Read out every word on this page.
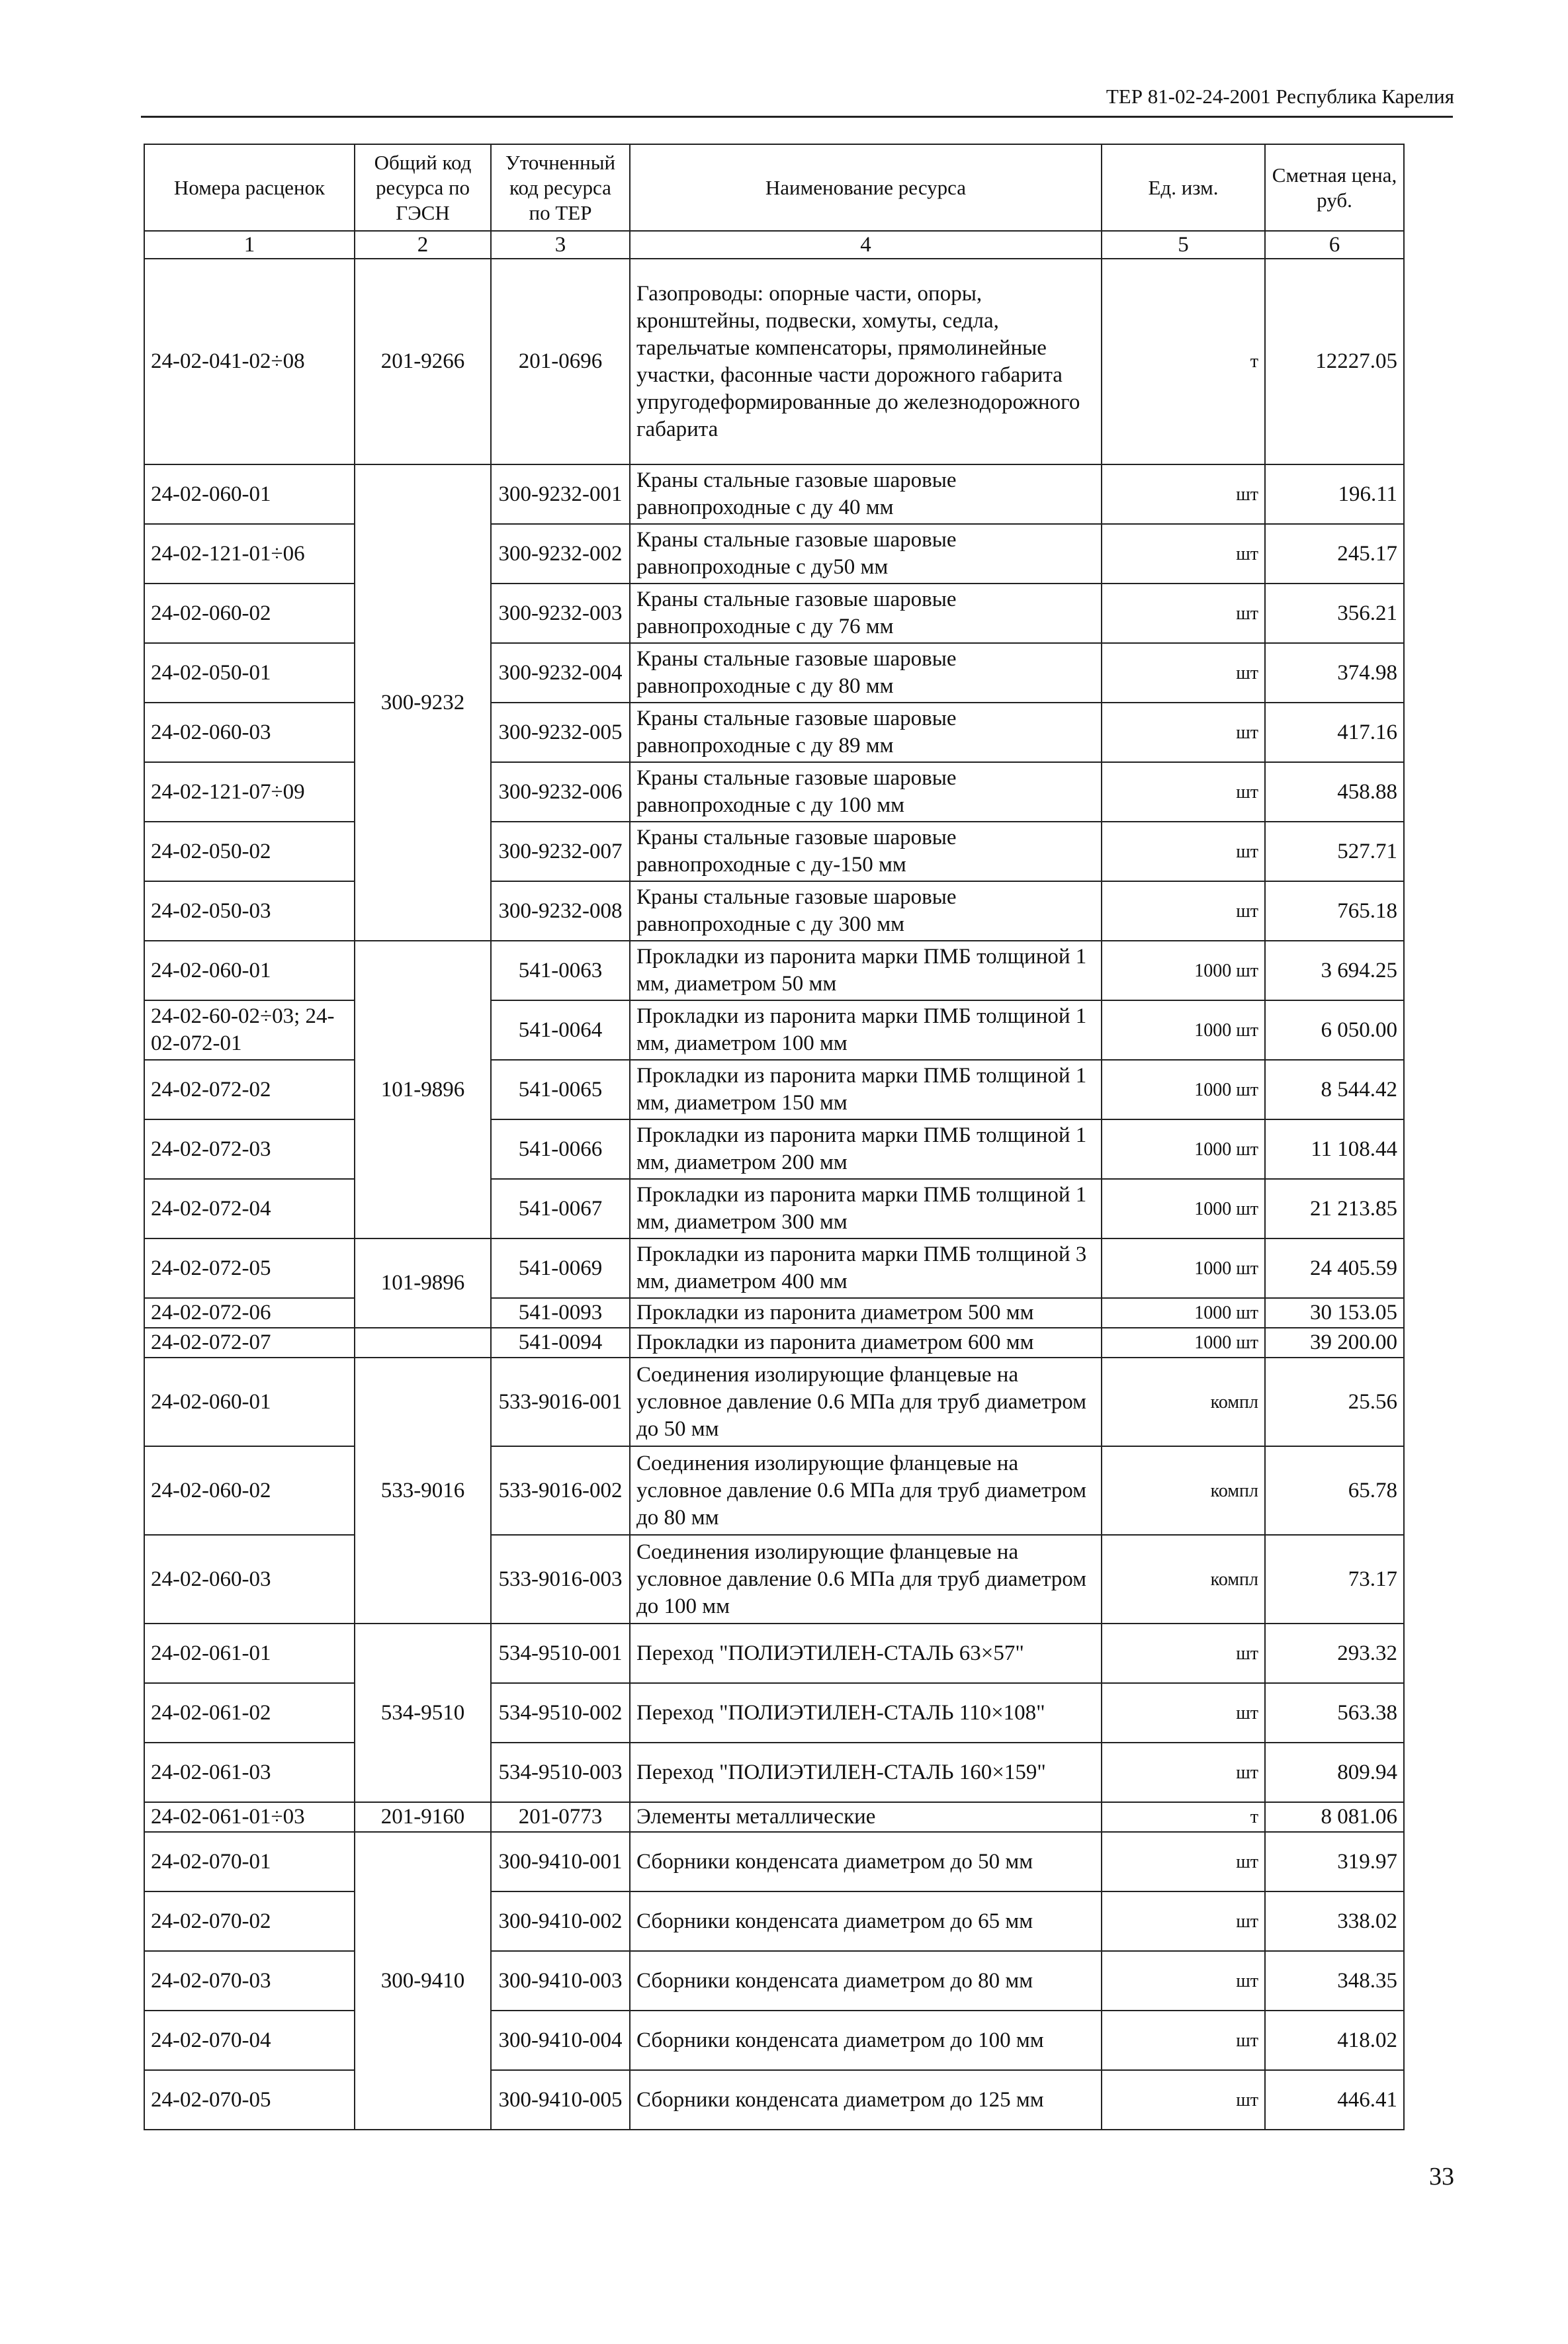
ТЕР 81-02-24-2001 Республика Карелия
Номера расценок	Общий код ресурса по ГЭСН	Уточненный код ресурса по ТЕР	Наименование ресурса	Ед. изм.	Сметная цена, руб.
1	2	3	4	5	6
24-02-041-02÷08	201-9266	201-0696	Газопроводы: опорные части, опоры, кронштейны, подвески, хомуты, седла, тарельчатые компенсаторы, прямолинейные участки, фасонные части дорожного габарита упругодеформированные до железнодорожного габарита	т	12227.05
24-02-060-01	300-9232	300-9232-001	Краны стальные газовые шаровые равнопроходные с ду 40 мм	шт	196.11
24-02-121-01÷06		300-9232-002	Краны стальные газовые шаровые равнопроходные с ду50 мм	шт	245.17
24-02-060-02		300-9232-003	Краны стальные газовые шаровые равнопроходные с ду 76 мм	шт	356.21
24-02-050-01		300-9232-004	Краны стальные газовые шаровые равнопроходные с ду 80 мм	шт	374.98
24-02-060-03		300-9232-005	Краны стальные газовые шаровые равнопроходные с ду 89 мм	шт	417.16
24-02-121-07÷09		300-9232-006	Краны стальные газовые шаровые равнопроходные с ду 100 мм	шт	458.88
24-02-050-02		300-9232-007	Краны стальные газовые шаровые равнопроходные с ду-150 мм	шт	527.71
24-02-050-03		300-9232-008	Краны стальные газовые шаровые равнопроходные с ду 300 мм	шт	765.18
24-02-060-01	101-9896	541-0063	Прокладки из паронита марки ПМБ толщиной 1 мм, диаметром 50 мм	1000 шт	3 694.25
24-02-60-02÷03; 24-02-072-01		541-0064	Прокладки из паронита марки ПМБ толщиной 1 мм, диаметром 100 мм	1000 шт	6 050.00
24-02-072-02		541-0065	Прокладки из паронита марки ПМБ толщиной 1 мм, диаметром 150 мм	1000 шт	8 544.42
24-02-072-03		541-0066	Прокладки из паронита марки ПМБ толщиной 1 мм, диаметром 200 мм	1000 шт	11 108.44
24-02-072-04		541-0067	Прокладки из паронита марки ПМБ толщиной 1 мм, диаметром 300 мм	1000 шт	21 213.85
24-02-072-05	101-9896	541-0069	Прокладки из паронита марки ПМБ толщиной 3 мм, диаметром 400 мм	1000 шт	24 405.59
24-02-072-06		541-0093	Прокладки из паронита диаметром 500 мм	1000 шт	30 153.05
24-02-072-07		541-0094	Прокладки из паронита диаметром 600 мм	1000 шт	39 200.00
24-02-060-01	533-9016	533-9016-001	Соединения изолирующие фланцевые на условное давление 0.6 МПа для труб диаметром до 50 мм	компл	25.56
24-02-060-02		533-9016-002	Соединения изолирующие фланцевые на условное давление 0.6 МПа для труб диаметром до 80 мм	компл	65.78
24-02-060-03		533-9016-003	Соединения изолирующие фланцевые на условное давление 0.6 МПа для труб диаметром до 100 мм	компл	73.17
24-02-061-01	534-9510	534-9510-001	Переход "ПОЛИЭТИЛЕН-СТАЛЬ 63×57"	шт	293.32
24-02-061-02		534-9510-002	Переход "ПОЛИЭТИЛЕН-СТАЛЬ 110×108"	шт	563.38
24-02-061-03		534-9510-003	Переход "ПОЛИЭТИЛЕН-СТАЛЬ 160×159"	шт	809.94
24-02-061-01÷03	201-9160	201-0773	Элементы металлические	т	8 081.06
24-02-070-01	300-9410	300-9410-001	Сборники конденсата диаметром до 50 мм	шт	319.97
24-02-070-02		300-9410-002	Сборники конденсата диаметром до 65 мм	шт	338.02
24-02-070-03		300-9410-003	Сборники конденсата диаметром до 80 мм	шт	348.35
24-02-070-04		300-9410-004	Сборники конденсата диаметром до 100 мм	шт	418.02
24-02-070-05		300-9410-005	Сборники конденсата диаметром до 125 мм	шт	446.41
33
